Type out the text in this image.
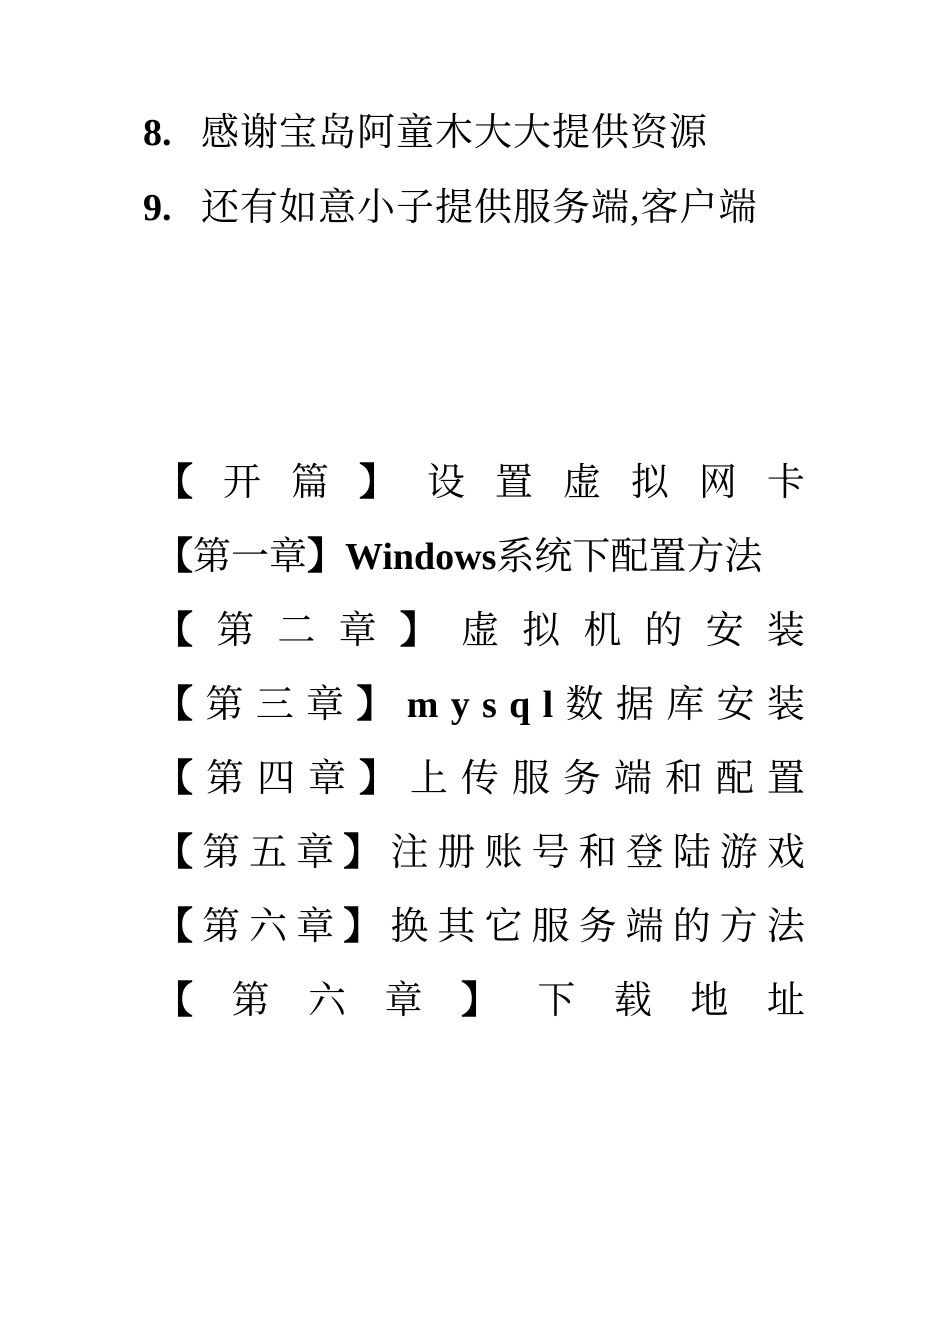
8. 感谢宝岛阿童木大大提供资源
9. 还有如意小子提供服务端,客户端
【 开 篇 】 设 置 虚 拟 网 卡
【第一章】Windows系统下配置方法
【 第 二 章 】 虚 拟 机 的 安 装
【 第 三 章 】 m y s q l 数 据 库 安 装
【 第 四 章 】 上 传 服 务 端 和 配 置
【 第 五 章 】 注 册 账 号 和 登 陆 游 戏
【 第 六 章 】 换 其 它 服 务 端 的 方 法
【 第 六 章 】 下 载 地 址
